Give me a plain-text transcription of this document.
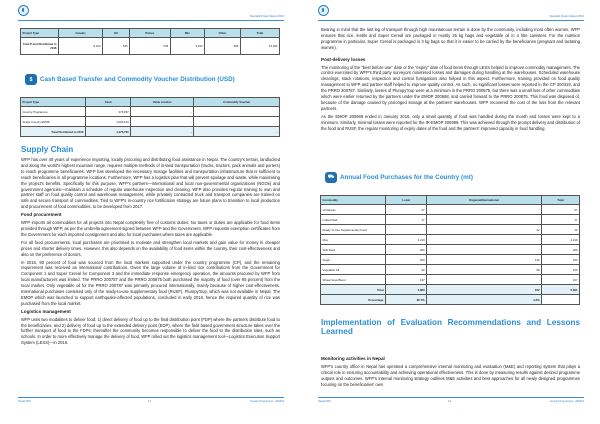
Standard Project Report 2016
Project Type	Cereals	Oil	Pulses	Mix	Other	Total
Total P and Distributed in 2016	8,443	535	505	4,233	289	13,934
$	Cash Based Transfer and Commodity Voucher Distribution (USD)
Project Type	Cash	Value voucher	Commodity Voucher
Country Programme	476,657	-	-
Single Country EMOP	4,000,133	-	-
Total Distributed in 2016	4,476,790	-	-
Supply Chain

WFP has over 40 years of experience importing, locally procuring and distributing food assistance in Nepal. The country's terrain, landlocked and along the world's highest mountain range, requires multiple methods of in-land transportation (trucks, tractors, pack animals and porters) to reach programme beneficiaries. WFP has developed the necessary storage facilities and transportation infrastructure that is sufficient to reach beneficiaries in all programme locations. Furthermore, WFP has a logistics plan that will prevent spoilage and waste, while maximising the project's benefits. Specifically for this purpose, WFP's partners—international and local non-governmental organizations (NGOs) and government agencies—maintain a schedule of regular warehouse inspection and cleaning. WFP also provides regular training to own and partner staff on food quality control and warehouse management, while privately contracted truck and transport companies are trained on safe and secure transport of commodities. Tied to WFP's in-country rice fortification strategy are future plans to transition to local production and procurement of food commodities, to be developed from 2017.

Food procurement

WFP imports all commodities for all projects into Nepal completely free of customs duties. No taxes or duties are applicable for food items provided through WFP, as per the umbrella agreement signed between WFP and the Government. WFP requests exemption certificates from the Government for each imported consignment and also for local purchases where taxes are applicable.

For all food procurements, local purchases are prioritised to motivate and strengthen local markets and gain value for money in cheaper prices and shorter delivery times. However, this also depends on the availability of food items within the country, their cost-effectiveness and also on the preference of donors.

In 2016, 90 percent of food was sourced from the local markets supported under the country programme (CP), and the remaining requirement was received as international contributions. Given the large volume of in-kind rice contributions from the Government for Component 1 and Super Cereal for Component 3 and the immediate response emergency operation, the amounts procured by WFP from local manufacturers was limited. The PRRO 200787 and the PRRO 200875 both purchased the majority of food (over 95 percent) from the local market. Only vegetable oil for the PRRO 200787 was primarily procured internationally, mainly because of higher cost-effectiveness. International purchases consisted only of the ready-to-use supplementary food (RUSF), Plumpy'Sup, which was not available in Nepal. The EMOP which was launched to support earthquake-affected populations, concluded in early 2016, hence the required quantity of rice was purchased from the local market.

Logistics management

WFP uses two modalities to deliver food: 1) direct delivery of food up to the final distribution point (FDP) where the partners distribute food to the beneficiaries, and 2) delivery of food up to the extended delivery point (EDP), where the field based government structure takes over the further transport of food to the FDPs; thereafter the community becomes responsible to deliver the food to the distribution sites, such as schools. In order to more effectively manage the delivery of food, WFP rolled out the logistics management tool—Logistics Execution Support System (LESS)—in 2016.

Nepal (NP)	13	Country Programme - 200319
Standard Project Report 2016

Bearing in mind that the last leg of transport through high mountainous terrain is done by the community, including most often women, WFP ensures that rice, lentils and Super Cereal are packaged in mostly 25 kg bags and vegetable oil in 4 litre canisters. For the nutrition programme in particular, Super Cereal is packaged in 3 kg bags so that it is easier to be carried by the beneficiaries (pregnant and lactating women).

Post-delivery losses

The monitoring of the "best before use" date or the "expiry" date of food items through LESS helped to improve commodity management. The control exercised by WFP's third party surveyors minimised losses and damages during handling at the warehouses. Scheduled warehouse cleanings, stack rotations, inspection and control fumigations also helped in this aspect. Furthermore, training provided on food quality management to WFP and partner staff helped to improve quality control. As such, no significant losses were reported in the CP 200319, and the PRRO 200787. Similarly, losses of Plumpy'Sup were at a minimum in the PRRO 200875, but there was a small loss of other commodities which were earlier returned by the partners under the EMOP 200668, and carried forward to the PRRO 200875. This food was disposed of, because of the damage caused by prolonged storage at the partners' warehouses. WFP recovered the cost of the loss from the relevant partners.

As the EMOP 200668 ended in January 2016, only a small quantity of food was handled during the month and losses were kept to a minimum. Similarly, minimal losses were reported for the IR-EMOP 200989. This was achieved through the prompt delivery and distribution of the food and RUSF, the regular monitoring of expiry dates of the food and the partners' improved capacity in food handling.

⛟ Annual Food Purchases for the Country (mt)
Commodity	Local	Regional/International	Total
Chickpeas	67	-	67
Iodised Salt	17	-	17
Ready To Use Supplementary Food	-	22	22
Rice	4,219	-	4,219
Split Peas	266	-	266
Sugar	200	132	332
Vegetable Oil	32	68	100
Wheat Soya Blend	137	-	137
Total	4,869	222	5,091
Percentage	95.7%	4.3%	
Implementation of Evaluation Recommendations and Lessons Learned
Monitoring activities in Nepal

WFP's country office in Nepal has operated a comprehensive internal monitoring and evaluation (M&E) and reporting system that plays a critical role in ensuring accountability and achieving operational effectiveness. This is done by measuring results against desired programme outputs and outcomes. WFP's internal monitoring strategy outlines M&E activities and best approaches for all newly designed programmes focusing on the beneficiaries' own

Nepal (NP)	14	Country Programme - 200319
